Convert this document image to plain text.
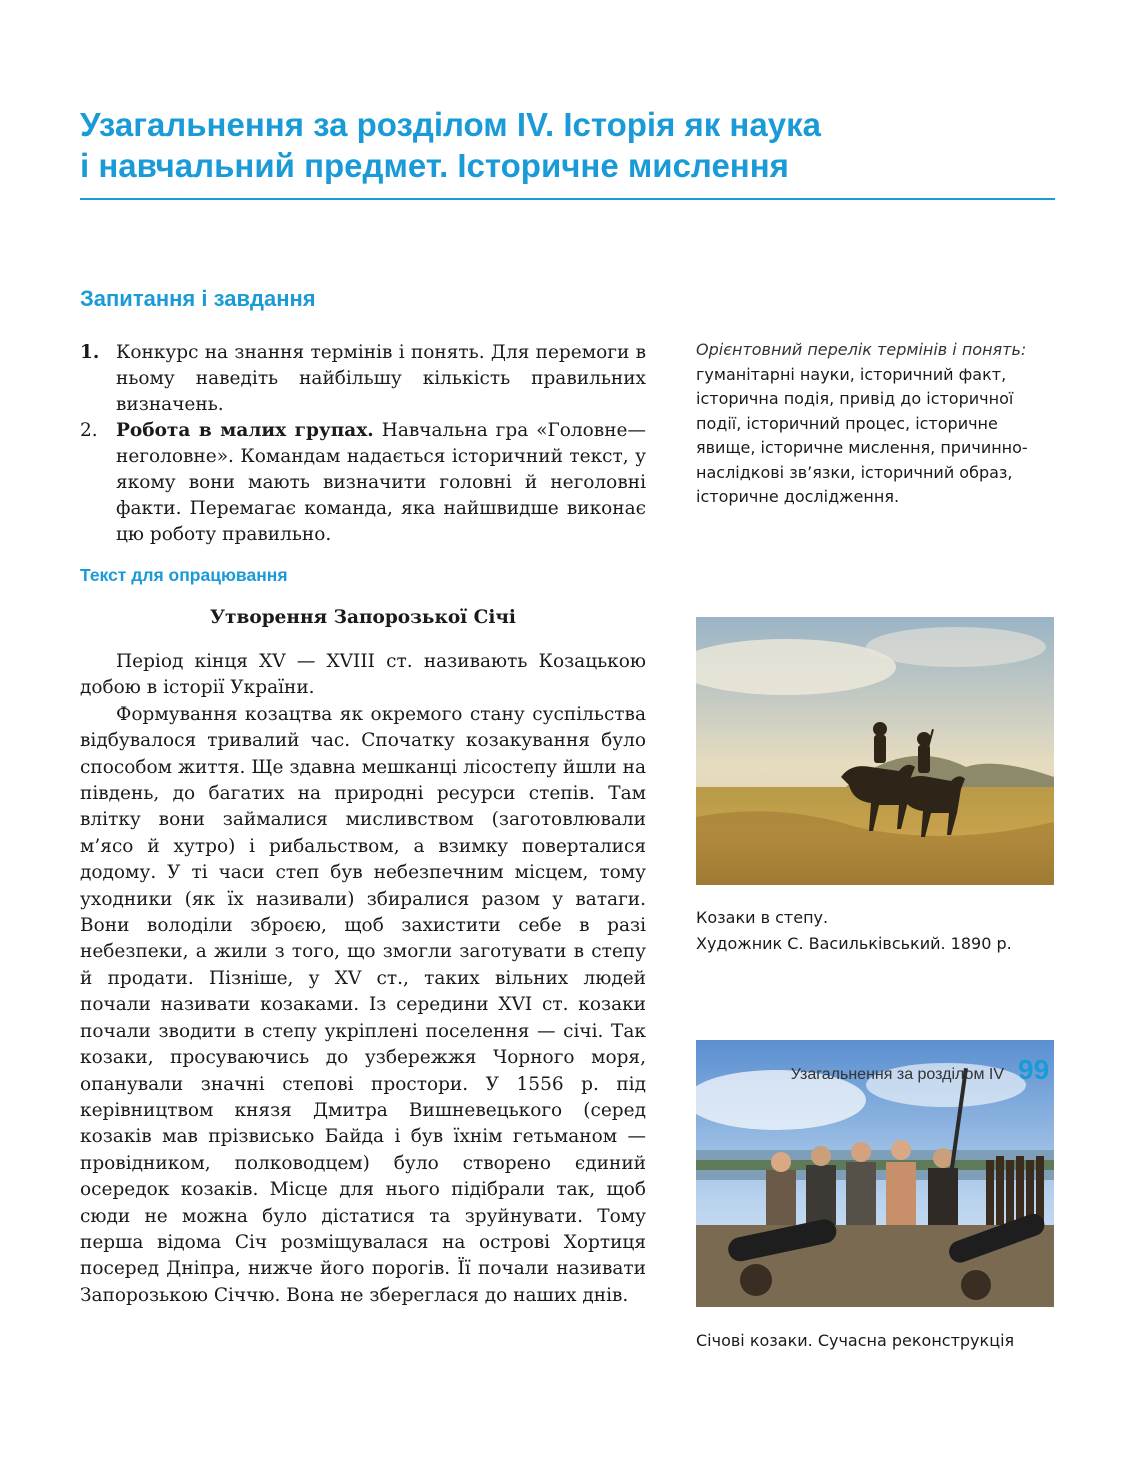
Узагальнення за розділом IV. Історія як наука
і навчальний предмет. Історичне мислення
Запитання і завдання
1. Конкурс на знання термінів і понять. Для перемоги в ньому наведіть найбільшу кількість правильних визначень.
2. Робота в малих групах. Навчальна гра «Головне—неголовне». Командам надається історичний текст, у якому вони мають визначити головні й неголовні факти. Перемагає команда, яка найшвидше виконає цю роботу правильно.
Орієнтовний перелік термінів і понять:
гуманітарні науки, історичний факт, історична подія, привід до історичної події, історичний процес, історичне явище, історичне мислення, причинно-наслідкові зв’язки, історичний образ, історичне дослідження.
Текст для опрацювання
Утворення Запорозької Січі

Період кінця XV — XVIII ст. називають Козацькою добою в історії України.

Формування козацтва як окремого стану суспільства відбувалося тривалий час. Спочатку козакування було способом життя. Ще здавна мешканці лісостепу йшли на південь, до багатих на природні ресурси степів. Там влітку вони займалися мисливством (заготовлювали м’ясо й хутро) і рибальством, а взимку поверталися додому. У ті часи степ був небезпечним місцем, тому уходники (як їх називали) збиралися разом у ватаги. Вони володіли зброєю, щоб захистити себе в разі небезпеки, а жили з того, що змогли заготувати в степу й продати. Пізніше, у XV ст., таких вільних людей почали називати козаками. Із середини XVI ст. козаки почали зводити в степу укріплені поселення — січі. Так козаки, просуваючись до узбережжя Чорного моря, опанували значні степові простори. У 1556 р. під керівництвом князя Дмитра Вишневецького (серед козаків мав прізвисько Байда і був їхнім гетьманом — провідником, полководцем) було створено єдиний осередок козаків. Місце для нього підібрали так, щоб сюди не можна було дістатися та зруйнувати. Тому перша відома Січ розміщувалася на острові Хортиця посеред Дніпра, нижче його порогів. Її почали називати Запорозькою Січчю. Вона не збереглася до наших днів.

Козаки в степу.
Художник С. Васильківський. 1890 р.
Січові козаки. Сучасна реконструкція
Узагальнення за розділом IV 99
